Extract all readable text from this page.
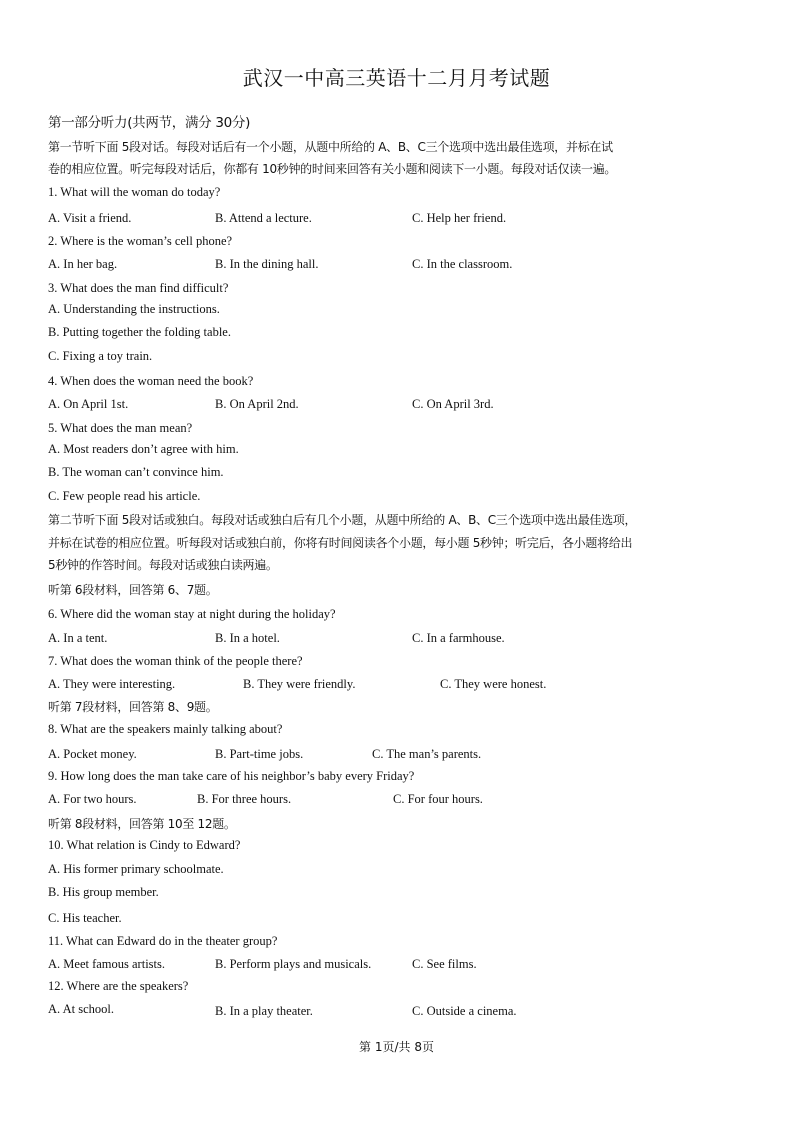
武汉一中高三英语十二月月考试题
第一部分听力(共两节，满分 30分)
第 1页/共 8页
第一节听下面 5段对话。每段对话后有一个小题，从题中所给的 A、B、C三个选项中选出最佳选项，并标在试
卷的相应位置。听完每段对话后，你都有 10秒钟的时间来回答有关小题和阅读下一小题。每段对话仅读一遍。
第二节听下面 5段对话或独白。每段对话或独白后有几个小题，从题中所给的 A、B、C三个选项中选出最佳选项，
并标在试卷的相应位置。听每段对话或独白前，你将有时间阅读各个小题，每小题 5秒钟；听完后，各小题将给出
5秒钟的作答时间。每段对话或独白读两遍。
听第 6段材料，回答第 6、7题。
听第 7段材料，回答第 8、9题。
听第 8段材料，回答第 10至 12题。
1. What will the woman do today?
A. Visit a friend.	B. Attend a lecture.	C. Help her friend.
2. Where is the woman’s cell phone?
A. In her bag.	B. In the dining hall.	C. In the classroom.
3. What does the man find difficult?
A. Understanding the instructions.
B. Putting together the folding table.
C. Fixing a toy train.
4. When does the woman need the book?
A. On April 1st.	B. On April 2nd.	C. On April 3rd.
5. What does the man mean?
A. Most readers don’t agree with him.
B. The woman can’t convince him.
C. Few people read his article.
6. Where did the woman stay at night during the holiday?
A. In a tent.	B. In a hotel.	C. In a farmhouse.
7. What does the woman think of the people there?
A. They were interesting.	B. They were friendly.	C. They were honest.
8. What are the speakers mainly talking about?
A. Pocket money.	B. Part-time jobs.	C. The man’s parents.
9. How long does the man take care of his neighbor’s baby every Friday?
A. For two hours.	B. For three hours.	C. For four hours.
10. What relation is Cindy to Edward?
A. His former primary schoolmate.
B. His group member.
C. His teacher.
11. What can Edward do in the theater group?
A. Meet famous artists.	B. Perform plays and musicals.	C. See films.
12. Where are the speakers?
A. At school.	B. In a play theater.	C. Outside a cinema.
